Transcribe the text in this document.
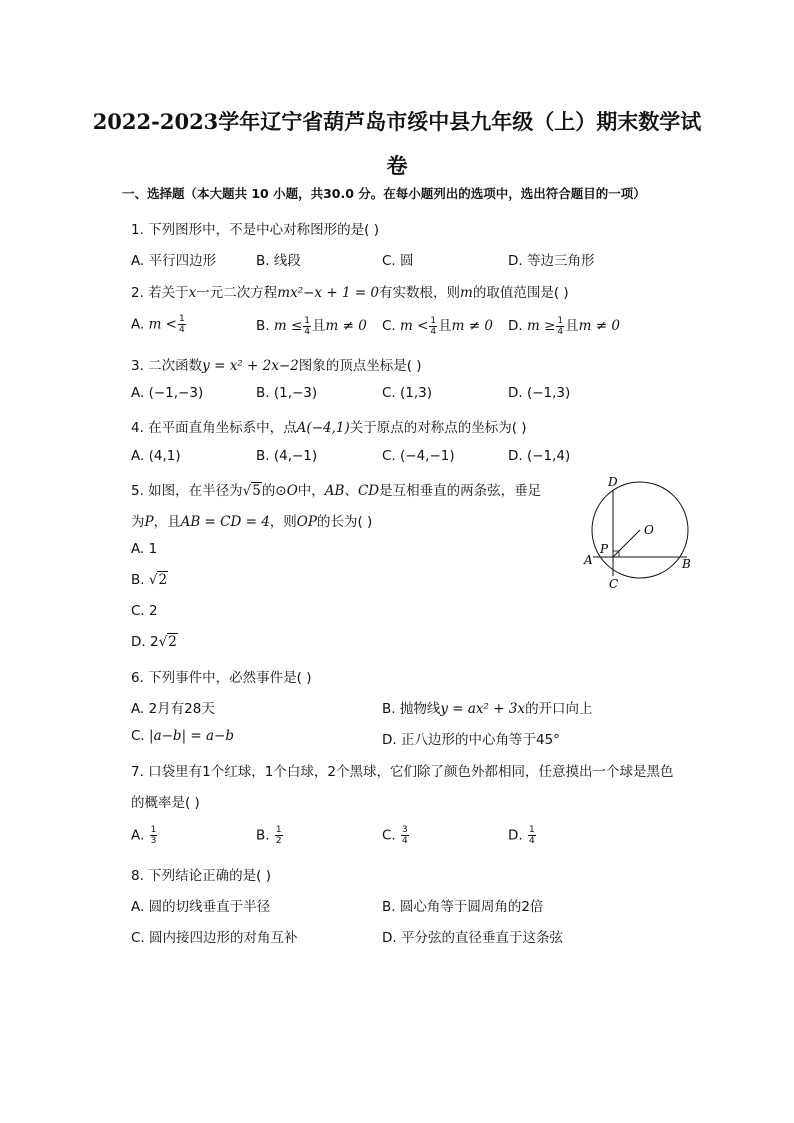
2022-2023学年辽宁省葫芦岛市绥中县九年级（上）期末数学试
卷
一、选择题（本大题共 10 小题，共30.0 分。在每小题列出的选项中，选出符合题目的一项）
1. 下列图形中，不是中心对称图形的是( )
A. 平行四边形	B. 线段	C. 圆	D. 等边三角形
2. 若关于x一元二次方程mx²−x + 1 = 0有实数根，则m的取值范围是( )
A. $m < \frac{1}{4}$	B. $m \le \frac{1}{4}$ 且m ≠ 0 C. $m < \frac{1}{4}$ 且m ≠ 0 D. $m \ge \frac{1}{4}$ 且m ≠ 0
3. 二次函数y = x² + 2x−2图象的顶点坐标是( )
A. (−1,−3)	B. (1,−3)	C. (1,3)	D. (−1,3)
4. 在平面直角坐标系中，点A(−4,1)关于原点的对称点的坐标为( )
A. (4,1)	B. (4,−1)	C. (−4,−1)	D. (−1,4)
5. 如图，在半径为√5的⊙O中，AB、CD是互相垂直的两条弦，垂足
为P，且AB = CD = 4，则OP的长为( )
A. 1
B. √2
C. 2
D. 2√2
D
O
P
A	B
C
6. 下列事件中，必然事件是( )
A. 2月有28天	B. 抛物线y = ax² + 3x的开口向上
C. |a−b| = a−b	D. 正八边形的中心角等于45°
7. 口袋里有1个红球，1个白球，2个黑球，它们除了颜色外都相同，任意摸出一个球是黑色
的概率是( )
A. $\frac{1}{3}$	B. $\frac{1}{2}$	C. $\frac{3}{4}$	D. $\frac{1}{4}$
8. 下列结论正确的是( )
A. 圆的切线垂直于半径	B. 圆心角等于圆周角的2倍
C. 圆内接四边形的对角互补	D. 平分弦的直径垂直于这条弦
